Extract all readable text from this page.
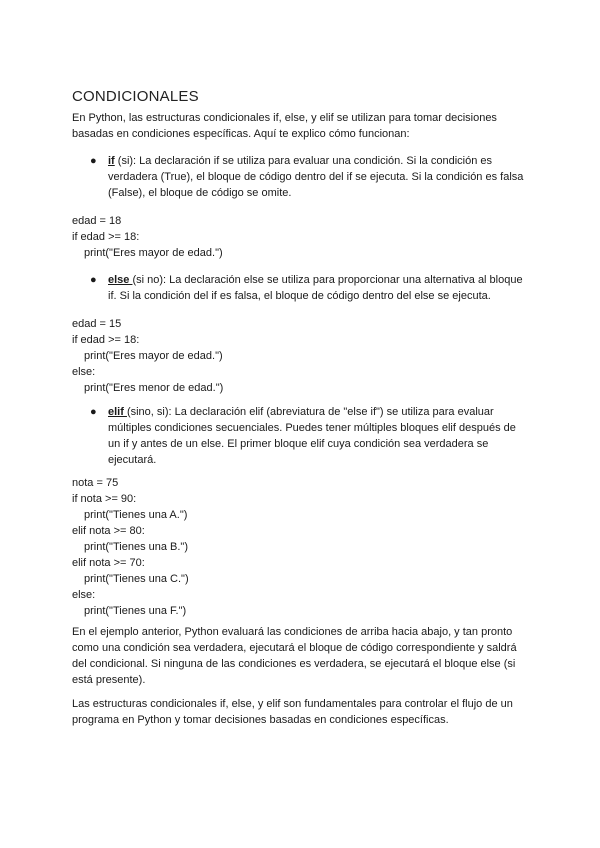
CONDICIONALES

En Python, las estructuras condicionales if, else, y elif se utilizan para tomar decisiones basadas en condiciones específicas. Aquí te explico cómo funcionan:

● if (si): La declaración if se utiliza para evaluar una condición. Si la condición es verdadera (True), el bloque de código dentro del if se ejecuta. Si la condición es falsa (False), el bloque de código se omite.
edad = 18
if edad >= 18:
print("Eres mayor de edad.")
● else (si no): La declaración else se utiliza para proporcionar una alternativa al bloque if. Si la condición del if es falsa, el bloque de código dentro del else se ejecuta.
edad = 15
if edad >= 18:
print("Eres mayor de edad.")
else:
print("Eres menor de edad.")
● elif (sino, si): La declaración elif (abreviatura de "else if") se utiliza para evaluar múltiples condiciones secuenciales. Puedes tener múltiples bloques elif después de un if y antes de un else. El primer bloque elif cuya condición sea verdadera se ejecutará.
nota = 75
if nota >= 90:
print("Tienes una A.")
elif nota >= 80:
print("Tienes una B.")
elif nota >= 70:
print("Tienes una C.")
else:
print("Tienes una F.")

En el ejemplo anterior, Python evaluará las condiciones de arriba hacia abajo, y tan pronto como una condición sea verdadera, ejecutará el bloque de código correspondiente y saldrá del condicional. Si ninguna de las condiciones es verdadera, se ejecutará el bloque else (si está presente).

Las estructuras condicionales if, else, y elif son fundamentales para controlar el flujo de un programa en Python y tomar decisiones basadas en condiciones específicas.
